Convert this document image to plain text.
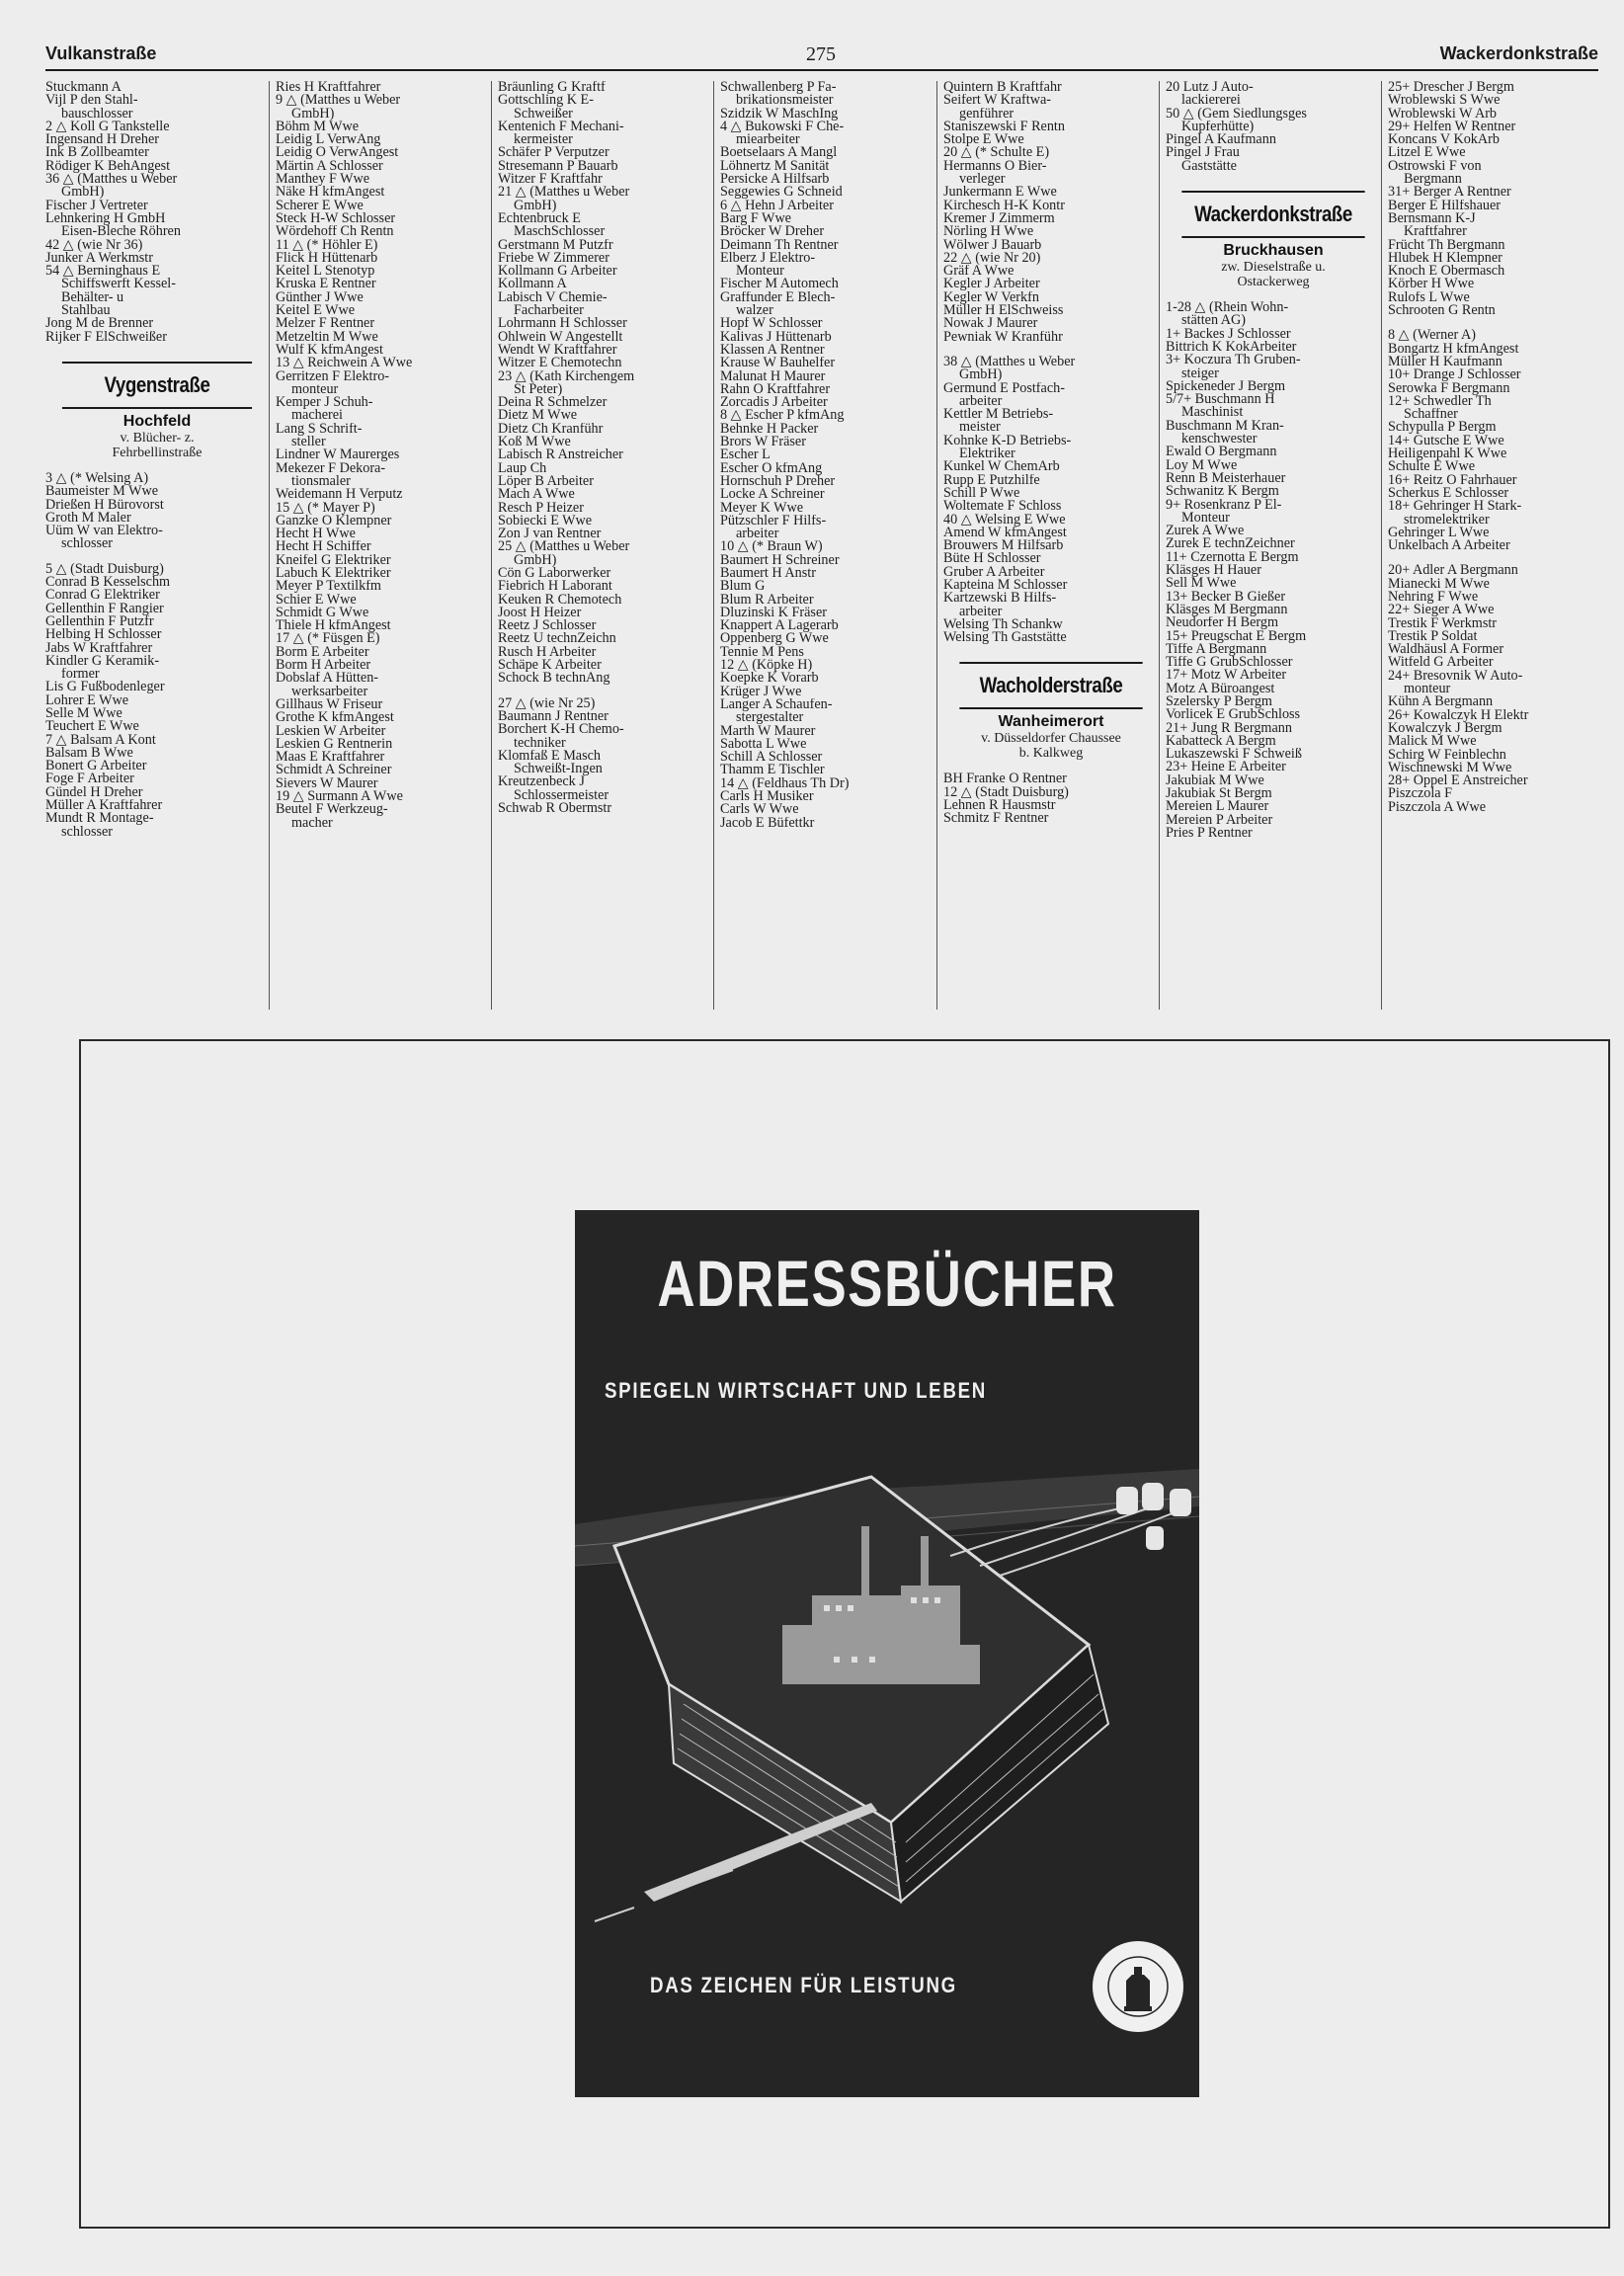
Vulkanstraße	275	Wackerdonkstraße
Stuckmann A
Vijl P den Stahl-
bauschlosser
2 △ Koll G Tankstelle
Ingensand H Dreher
Ink B Zollbeamter
Rödiger K BehAngest
36 △ (Matthes u Weber
GmbH)
Fischer J Vertreter
Lehnkering H GmbH
Eisen-Bleche Röhren
42 △ (wie Nr 36)
Junker A Werkmstr
54 △ Berninghaus E
Schiffswerft Kessel-
Behälter- u
Stahlbau
Jong M de Brenner
Rijker F ElSchweißer
Vygenstraße
Hochfeld
v. Blücher- z.
Fehrbellinstraße
3 △ (* Welsing A)
Baumeister M Wwe
Drießen H Bürovorst
Groth M Maler
Uüm W van Elektro-
schlosser
5 △ (Stadt Duisburg)
Conrad B Kesselschm
Conrad G Elektriker
Gellenthin F Rangier
Gellenthin F Putzfr
Helbing H Schlosser
Jabs W Kraftfahrer
Kindler G Keramik-
former
Lis G Fußbodenleger
Lohrer E Wwe
Selle M Wwe
Teuchert E Wwe
7 △ Balsam A Kont
Balsam B Wwe
Bonert G Arbeiter
Foge F Arbeiter
Gündel H Dreher
Müller A Kraftfahrer
Mundt R Montage-
schlosser
Ries H Kraftfahrer
9 △ (Matthes u Weber
GmbH)
Böhm M Wwe
Leidig L VerwAng
Leidig O VerwAngest
Märtin A Schlosser
Manthey F Wwe
Näke H kfmAngest
Scherer E Wwe
Steck H-W Schlosser
Wördehoff Ch Rentn
11 △ (* Höhler E)
Flick H Hüttenarb
Keitel L Stenotyp
Kruska E Rentner
Günther J Wwe
Keitel E Wwe
Melzer F Rentner
Metzeltin M Wwe
Wulf K kfmAngest
13 △ Reichwein A Wwe
Gerritzen F Elektro-
monteur
Kemper J Schuh-
macherei
Lang S Schrift-
steller
Lindner W Maurerges
Mekezer F Dekora-
tionsmaler
Weidemann H Verputz
15 △ (* Mayer P)
Ganzke O Klempner
Hecht H Wwe
Hecht H Schiffer
Kneifel G Elektriker
Labuch K Elektriker
Meyer P Textilkfm
Schier E Wwe
Schmidt G Wwe
Thiele H kfmAngest
17 △ (* Füsgen E)
Borm E Arbeiter
Borm H Arbeiter
Dobslaf A Hütten-
werksarbeiter
Gillhaus W Friseur
Grothe K kfmAngest
Leskien W Arbeiter
Leskien G Rentnerin
Maas E Kraftfahrer
Schmidt A Schreiner
Sievers W Maurer
19 △ Surmann A Wwe
Beutel F Werkzeug-
macher
Bräunling G Kraftf
Gottschling K E-
Schweißer
Kentenich F Mechani-
kermeister
Schäfer P Verputzer
Stresemann P Bauarb
Witzer F Kraftfahr
21 △ (Matthes u Weber
GmbH)
Echtenbruck E
MaschSchlosser
Gerstmann M Putzfr
Friebe W Zimmerer
Kollmann G Arbeiter
Kollmann A
Labisch V Chemie-
Facharbeiter
Lohrmann H Schlosser
Ohlwein W Angestellt
Wendt W Kraftfahrer
Witzer E Chemotechn
23 △ (Kath Kirchengem
St Peter)
Deina R Schmelzer
Dietz M Wwe
Dietz Ch Kranführ
Koß M Wwe
Labisch R Anstreicher
Laup Ch
Löper B Arbeiter
Mach A Wwe
Resch P Heizer
Sobiecki E Wwe
Zon J van Rentner
25 △ (Matthes u Weber
GmbH)
Cön G Laborwerker
Fiebrich H Laborant
Keuken R Chemotech
Joost H Heizer
Reetz J Schlosser
Reetz U technZeichn
Rusch H Arbeiter
Schäpe K Arbeiter
Schock B technAng
27 △ (wie Nr 25)
Baumann J Rentner
Borchert K-H Chemo-
techniker
Klomfaß E Masch
Schweißt-Ingen
Kreutzenbeck J
Schlossermeister
Schwab R Obermstr
Schwallenberg P Fa-
brikationsmeister
Szidzik W MaschIng
4 △ Bukowski F Che-
miearbeiter
Boetselaars A Mangl
Löhnertz M Sanität
Persicke A Hilfsarb
Seggewies G Schneid
6 △ Hehn J Arbeiter
Barg F Wwe
Bröcker W Dreher
Deimann Th Rentner
Elberz J Elektro-
Monteur
Fischer M Automech
Graffunder E Blech-
walzer
Hopf W Schlosser
Kalivas J Hüttenarb
Klassen A Rentner
Krause W Bauhelfer
Malunat H Maurer
Rahn O Kraftfahrer
Zorcadis J Arbeiter
8 △ Escher P kfmAng
Behnke H Packer
Brors W Fräser
Escher L
Escher O kfmAng
Hornschuh P Dreher
Locke A Schreiner
Meyer K Wwe
Pützschler F Hilfs-
arbeiter
10 △ (* Braun W)
Baumert H Schreiner
Baumert H Anstr
Blum G
Blum R Arbeiter
Dluzinski K Fräser
Knappert A Lagerarb
Oppenberg G Wwe
Tennie M Pens
12 △ (Köpke H)
Koepke K Vorarb
Krüger J Wwe
Langer A Schaufen-
stergestalter
Marth W Maurer
Sabotta L Wwe
Schill A Schlosser
Thamm E Tischler
14 △ (Feldhaus Th Dr)
Carls H Musiker
Carls W Wwe
Jacob E Büfettkr
Quintern B Kraftfahr
Seifert W Kraftwa-
genführer
Staniszewski F Rentn
Stolpe E Wwe
20 △ (* Schulte E)
Hermanns O Bier-
verleger
Junkermann E Wwe
Kirchesch H-K Kontr
Kremer J Zimmerm
Nörling H Wwe
Wölwer J Bauarb
22 △ (wie Nr 20)
Gräf A Wwe
Kegler J Arbeiter
Kegler W Verkfn
Müller H ElSchweiss
Nowak J Maurer
Pewniak W Kranführ
38 △ (Matthes u Weber
GmbH)
Germund E Postfach-
arbeiter
Kettler M Betriebs-
meister
Kohnke K-D Betriebs-
Elektriker
Kunkel W ChemArb
Rupp E Putzhilfe
Schill P Wwe
Woltemate F Schloss
40 △ Welsing E Wwe
Amend W kfmAngest
Brouwers M Hilfsarb
Büte H Schlosser
Gruber A Arbeiter
Kapteina M Schlosser
Kartzewski B Hilfs-
arbeiter
Welsing Th Schankw
Welsing Th Gaststätte
Wacholderstraße
Wanheimerort
v. Düsseldorfer Chaussee
b. Kalkweg
BH Franke O Rentner
12 △ (Stadt Duisburg)
Lehnen R Hausmstr
Schmitz F Rentner
20 Lutz J Auto-
lackiererei
50 △ (Gem Siedlungsges
Kupferhütte)
Pingel A Kaufmann
Pingel J Frau
Gaststätte
Wackerdonkstraße
Bruckhausen
zw. Dieselstraße u.
Ostackerweg
1-28 △ (Rhein Wohn-
stätten AG)
1+ Backes J Schlosser
Bittrich K KokArbeiter
3+ Koczura Th Gruben-
steiger
Spickeneder J Bergm
5/7+ Buschmann H
Maschinist
Buschmann M Kran-
kenschwester
Ewald O Bergmann
Loy M Wwe
Renn B Meisterhauer
Schwanitz K Bergm
9+ Rosenkranz P El-
Monteur
Zurek A Wwe
Zurek E technZeichner
11+ Czernotta E Bergm
Kläsges H Hauer
Sell M Wwe
13+ Becker B Gießer
Kläsges M Bergmann
Neudorfer H Bergm
15+ Preugschat E Bergm
Tiffe A Bergmann
Tiffe G GrubSchlosser
17+ Motz W Arbeiter
Motz A Büroangest
Szelersky P Bergm
Vorlicek E GrubSchloss
21+ Jung R Bergmann
Kabatteck A Bergm
Lukaszewski F Schweiß
23+ Heine E Arbeiter
Jakubiak M Wwe
Jakubiak St Bergm
Mereien L Maurer
Mereien P Arbeiter
Pries P Rentner
25+ Drescher J Bergm
Wroblewski S Wwe
Wroblewski W Arb
29+ Helfen W Rentner
Koncans V KokArb
Litzel E Wwe
Ostrowski F von
Bergmann
31+ Berger A Rentner
Berger E Hilfshauer
Bernsmann K-J
Kraftfahrer
Frücht Th Bergmann
Hlubek H Klempner
Knoch E Obermasch
Körber H Wwe
Rulofs L Wwe
Schrooten G Rentn
8 △ (Werner A)
Bongartz H kfmAngest
Müller H Kaufmann
10+ Drange J Schlosser
Serowka F Bergmann
12+ Schwedler Th
Schaffner
Schypulla P Bergm
14+ Gutsche E Wwe
Heiligenpahl K Wwe
Schulte E Wwe
16+ Reitz O Fahrhauer
Scherkus E Schlosser
18+ Gehringer H Stark-
stromelektriker
Gehringer L Wwe
Unkelbach A Arbeiter
20+ Adler A Bergmann
Mianecki M Wwe
Nehring F Wwe
22+ Sieger A Wwe
Trestik F Werkmstr
Trestik P Soldat
Waldhäusl A Former
Witfeld G Arbeiter
24+ Bresovnik W Auto-
monteur
Kühn A Bergmann
26+ Kowalczyk H Elektr
Kowalczyk J Bergm
Malick M Wwe
Schirg W Feinblechn
Wischnewski M Wwe
28+ Oppel E Anstreicher
Piszczola F
Piszczola A Wwe
ADRESSBÜCHER
SPIEGELN WIRTSCHAFT UND LEBEN
DAS ZEICHEN FÜR LEISTUNG
